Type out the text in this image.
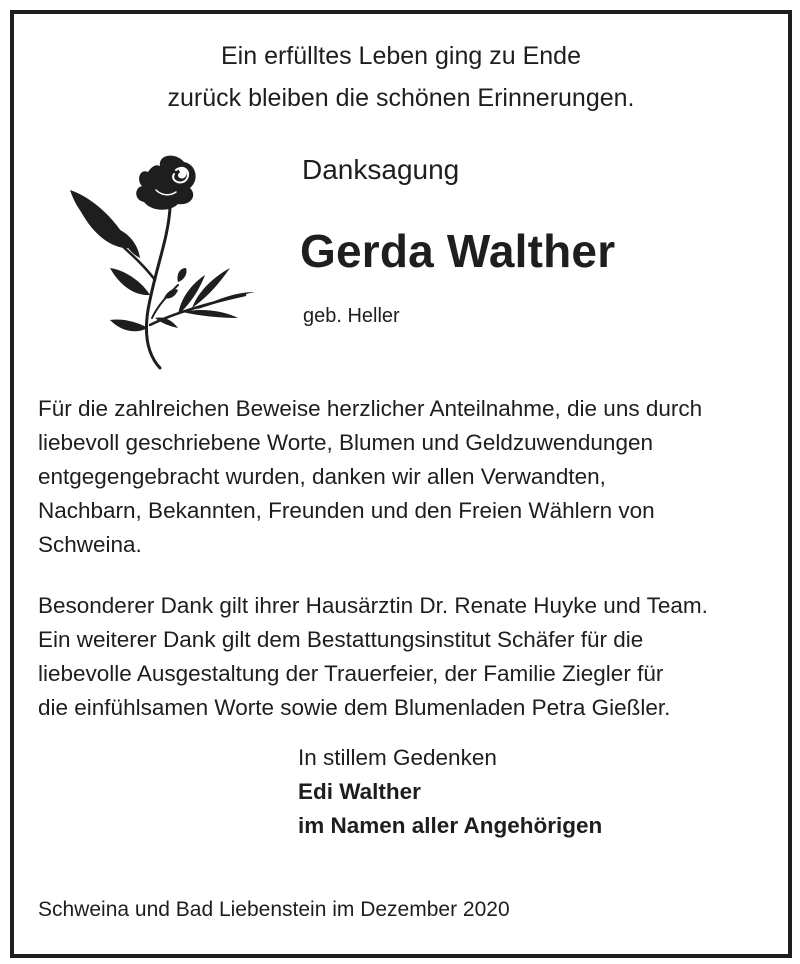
Ein erfülltes Leben ging zu Ende
zurück bleiben die schönen Erinnerungen.
Danksagung
Gerda Walther
geb. Heller
Für die zahlreichen Beweise herzlicher Anteilnahme, die uns durch
liebevoll geschriebene Worte, Blumen und Geldzuwendungen
entgegengebracht wurden, danken wir allen Verwandten,
Nachbarn, Bekannten, Freunden und den Freien Wählern von
Schweina.
Besonderer Dank gilt ihrer Hausärztin Dr. Renate Huyke und Team.
Ein weiterer Dank gilt dem Bestattungsinstitut Schäfer für die
liebevolle Ausgestaltung der Trauerfeier, der Familie Ziegler für
die einfühlsamen Worte sowie dem Blumenladen Petra Gießler.
In stillem Gedenken
Edi Walther
im Namen aller Angehörigen
Schweina und Bad Liebenstein im Dezember 2020
